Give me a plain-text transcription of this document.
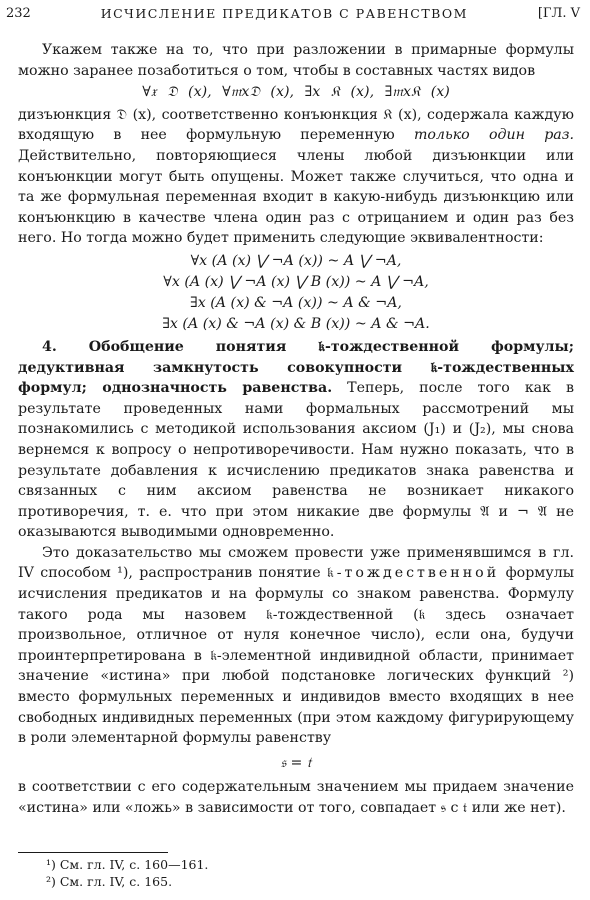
232	ИСЧИСЛЕНИЕ ПРЕДИКАТОВ С РАВЕНСТВОМ	[ГЛ. V

Укажем также на то, что при разложении в примарные формулы можно заранее позаботиться о том, чтобы в составных частях видов

∀𝔵 𝔇 (x), ∀𝔪x𝔇 (x), ∃x 𝔎 (x), ∃𝔪x𝔎 (x)

дизъюнкция 𝔇 (x), соответственно конъюнкция 𝔎 (x), содержала каждую входящую в нее формульную переменную только один раз. Действительно, повторяющиеся члены любой дизъюнкции или конъюнкции могут быть опущены. Может также случиться, что одна и та же формульная переменная входит в какую-нибудь дизъюнкцию или конъюнкцию в качестве члена один раз с отрицанием и один раз без него. Но тогда можно будет применить следующие эквивалентности:

∀x (A (x) ⋁ ¬A (x)) ~ A ⋁ ¬A,
∀x (A (x) ⋁ ¬A (x) ⋁ B (x)) ~ A ⋁ ¬A,
∃x (A (x) & ¬A (x)) ~ A & ¬A,
∃x (A (x) & ¬A (x) & B (x)) ~ A & ¬A.

4. Обобщение понятия 𝔨-тождественной формулы; дедуктивная замкнутость совокупности 𝔨-тождественных формул; однозначность равенства. Теперь, после того как в результате проведенных нами формальных рассмотрений мы познакомились с методикой использования аксиом (J₁) и (J₂), мы снова вернемся к вопросу о непротиворечивости. Нам нужно показать, что в результате добавления к исчислению предикатов знака равенства и связанных с ним аксиом равенства не возникает никакого противоречия, т. е. что при этом никакие две формулы 𝔄 и ¬ 𝔄 не оказываются выводимыми одновременно.

Это доказательство мы сможем провести уже применявшимся в гл. IV способом ¹), распространив понятие 𝔨-тождественной формулы исчисления предикатов и на формулы со знаком равенства. Формулу такого рода мы назовем 𝔨-тождественной (𝔨 здесь означает произвольное, отличное от нуля конечное число), если она, будучи проинтерпретирована в 𝔨-элементной индивидной области, принимает значение «истина» при любой подстановке логических функций ²) вместо формульных переменных и индивидов вместо входящих в нее свободных индивидных переменных (при этом каждому фигурирующему в роли элементарной формулы равенству

𝔰 = 𝔱

в соответствии с его содержательным значением мы придаем значение «истина» или «ложь» в зависимости от того, совпадает 𝔰 с 𝔱 или же нет).

¹) См. гл. IV, с. 160—161.
²) См. гл. IV, с. 165.
